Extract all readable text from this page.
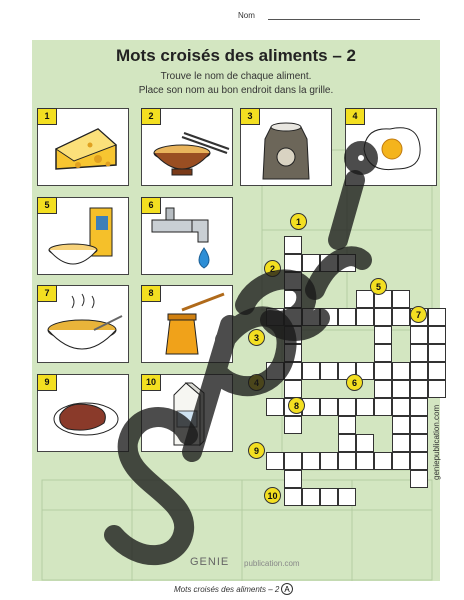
Nom
Mots croisés des aliments – 2
Trouve le nom de chaque aliment.
Place son nom au bon endroit dans la grille.
1	2	3	4
5	6
7	8
9	10
1
2
3
4
5
6
7
8
9
10
geniepublication.com
GENIE publication.com
Mots croisés des aliments – 2 A
